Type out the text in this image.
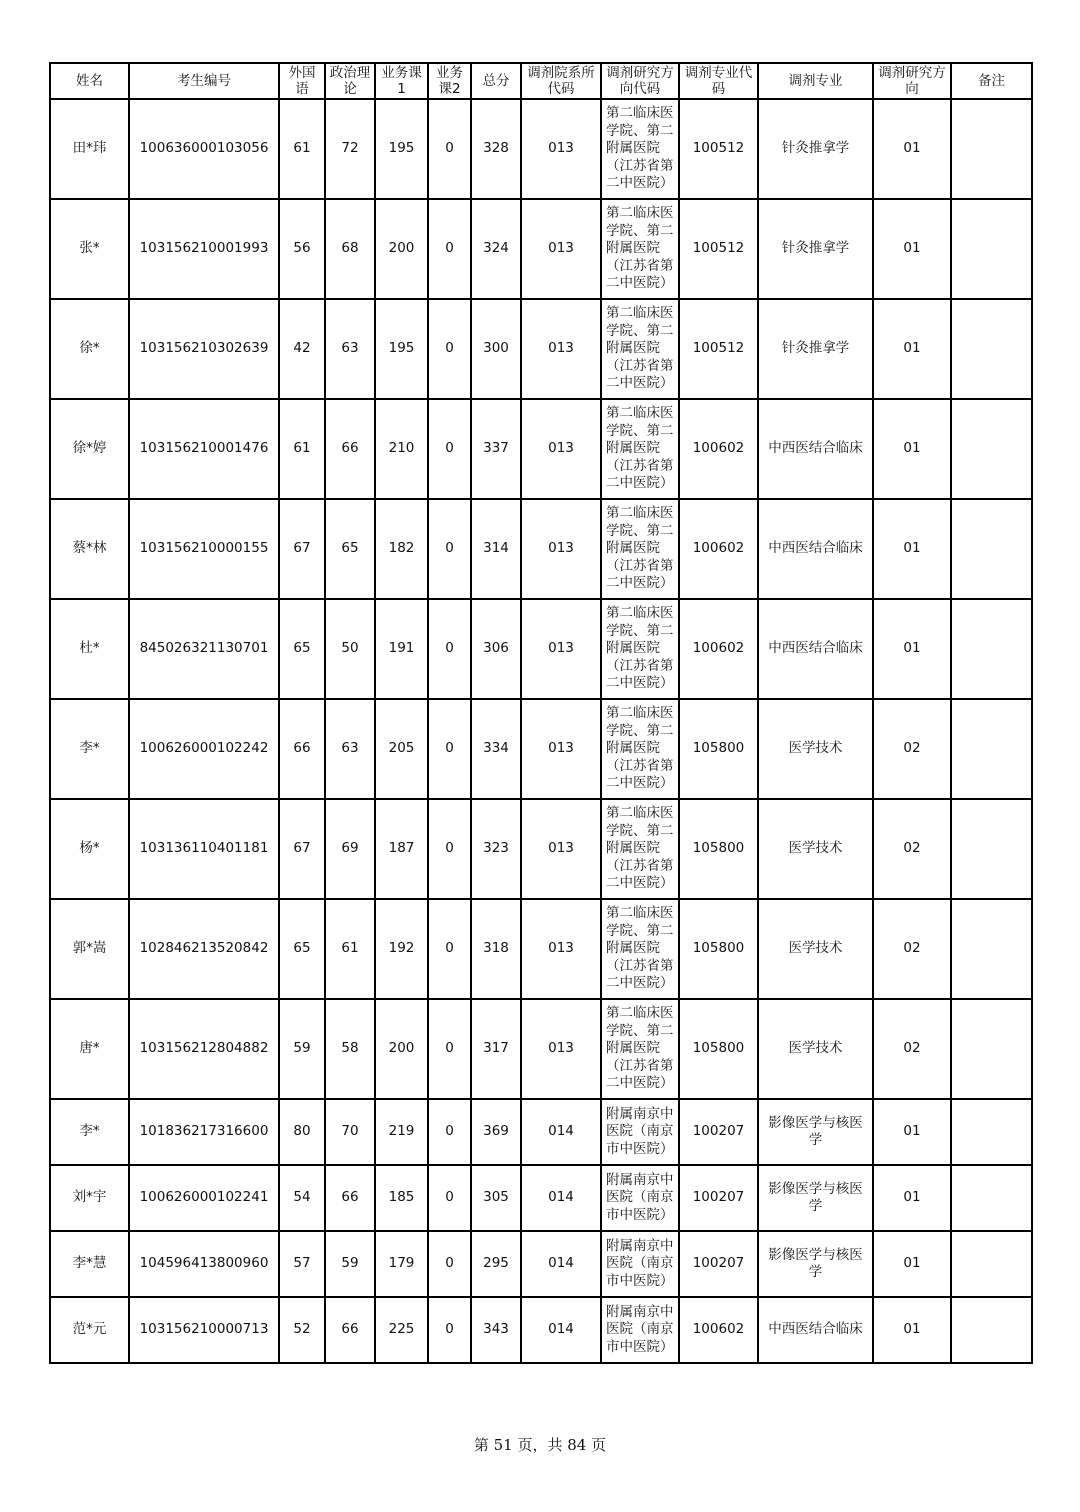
姓名	考生编号	外国语	政治理论	业务课1	业务课2	总分	调剂院系所代码	调剂研究方向代码	调剂专业代码	调剂专业	调剂研究方向	备注

田*玮	100636000103056	61	72	195	0	328	013	第二临床医学院、第二附属医院（江苏省第二中医院）	100512	针灸推拿学	01	

张*	103156210001993	56	68	200	0	324	013	第二临床医学院、第二附属医院（江苏省第二中医院）	100512	针灸推拿学	01	

徐*	103156210302639	42	63	195	0	300	013	第二临床医学院、第二附属医院（江苏省第二中医院）	100512	针灸推拿学	01	

徐*婷	103156210001476	61	66	210	0	337	013	第二临床医学院、第二附属医院（江苏省第二中医院）	100602	中西医结合临床	01	

蔡*林	103156210000155	67	65	182	0	314	013	第二临床医学院、第二附属医院（江苏省第二中医院）	100602	中西医结合临床	01	

杜*	845026321130701	65	50	191	0	306	013	第二临床医学院、第二附属医院（江苏省第二中医院）	100602	中西医结合临床	01	

李*	100626000102242	66	63	205	0	334	013	第二临床医学院、第二附属医院（江苏省第二中医院）	105800	医学技术	02	

杨*	103136110401181	67	69	187	0	323	013	第二临床医学院、第二附属医院（江苏省第二中医院）	105800	医学技术	02	

郭*嵩	102846213520842	65	61	192	0	318	013	第二临床医学院、第二附属医院（江苏省第二中医院）	105800	医学技术	02	

唐*	103156212804882	59	58	200	0	317	013	第二临床医学院、第二附属医院（江苏省第二中医院）	105800	医学技术	02	

李*	101836217316600	80	70	219	0	369	014	附属南京中医院（南京市中医院）	100207	影像医学与核医学	01	

刘*宇	100626000102241	54	66	185	0	305	014	附属南京中医院（南京市中医院）	100207	影像医学与核医学	01	

李*慧	104596413800960	57	59	179	0	295	014	附属南京中医院（南京市中医院）	100207	影像医学与核医学	01	

范*元	103156210000713	52	66	225	0	343	014	附属南京中医院（南京市中医院）	100602	中西医结合临床	01	

第 51 页，共 84 页
